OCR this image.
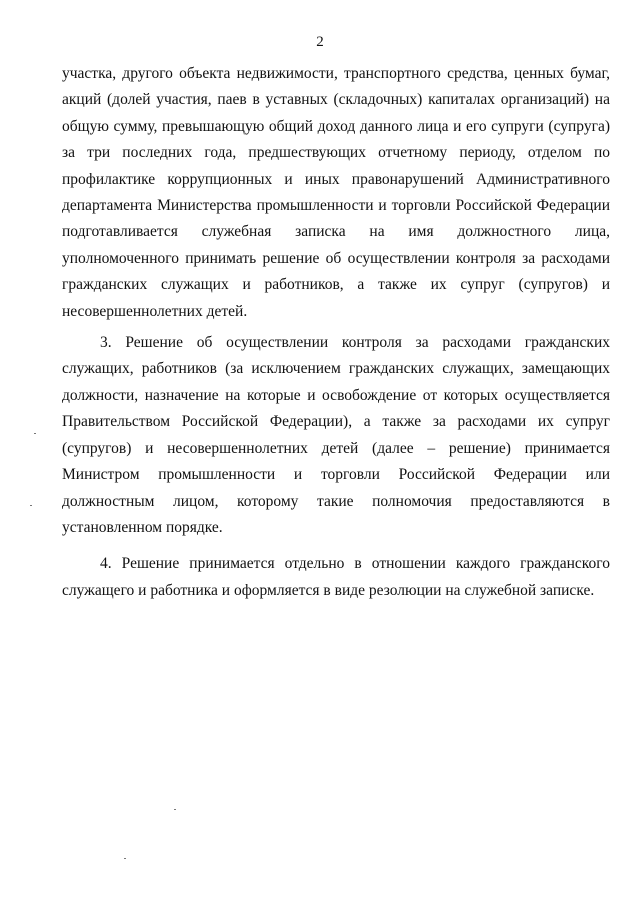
2

участка, другого объекта недвижимости, транспортного средства, ценных бумаг, акций (долей участия, паев в уставных (складочных) капиталах организаций) на общую сумму, превышающую общий доход данного лица и его супруги (супруга) за три последних года, предшествующих отчетному периоду, отделом по профилактике коррупционных и иных правонарушений Административного департамента Министерства промышленности и торговли Российской Федерации подготавливается служебная записка на имя должностного лица, уполномоченного принимать решение об осуществлении контроля за расходами гражданских служащих и работников, а также их супруг (супругов) и несовершеннолетних детей.

3. Решение об осуществлении контроля за расходами гражданских служащих, работников (за исключением гражданских служащих, замещающих должности, назначение на которые и освобождение от которых осуществляется Правительством Российской Федерации), а также за расходами их супруг (супругов) и несовершеннолетних детей (далее – решение) принимается Министром промышленности и торговли Российской Федерации или должностным лицом, которому такие полномочия предоставляются в установленном порядке.

4. Решение принимается отдельно в отношении каждого гражданского служащего и работника и оформляется в виде резолюции на служебной записке.
